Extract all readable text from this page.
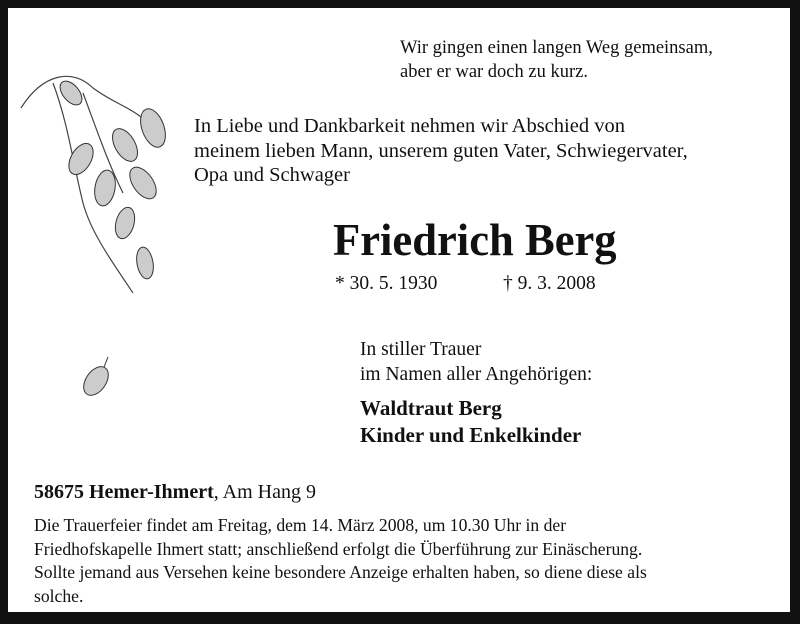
Wir gingen einen langen Weg gemeinsam,
aber er war doch zu kurz.
In Liebe und Dankbarkeit nehmen wir Abschied von
meinem lieben Mann, unserem guten Vater, Schwiegervater,
Opa und Schwager
Friedrich Berg
* 30. 5. 1930	† 9. 3. 2008
In stiller Trauer
im Namen aller Angehörigen:
Waldtraut Berg
Kinder und Enkelkinder
58675 Hemer-Ihmert, Am Hang 9
Die Trauerfeier findet am Freitag, dem 14. März 2008, um 10.30 Uhr in der
Friedhofskapelle Ihmert statt; anschließend erfolgt die Überführung zur Einäscherung.
Sollte jemand aus Versehen keine besondere Anzeige erhalten haben, so diene diese als
solche.
